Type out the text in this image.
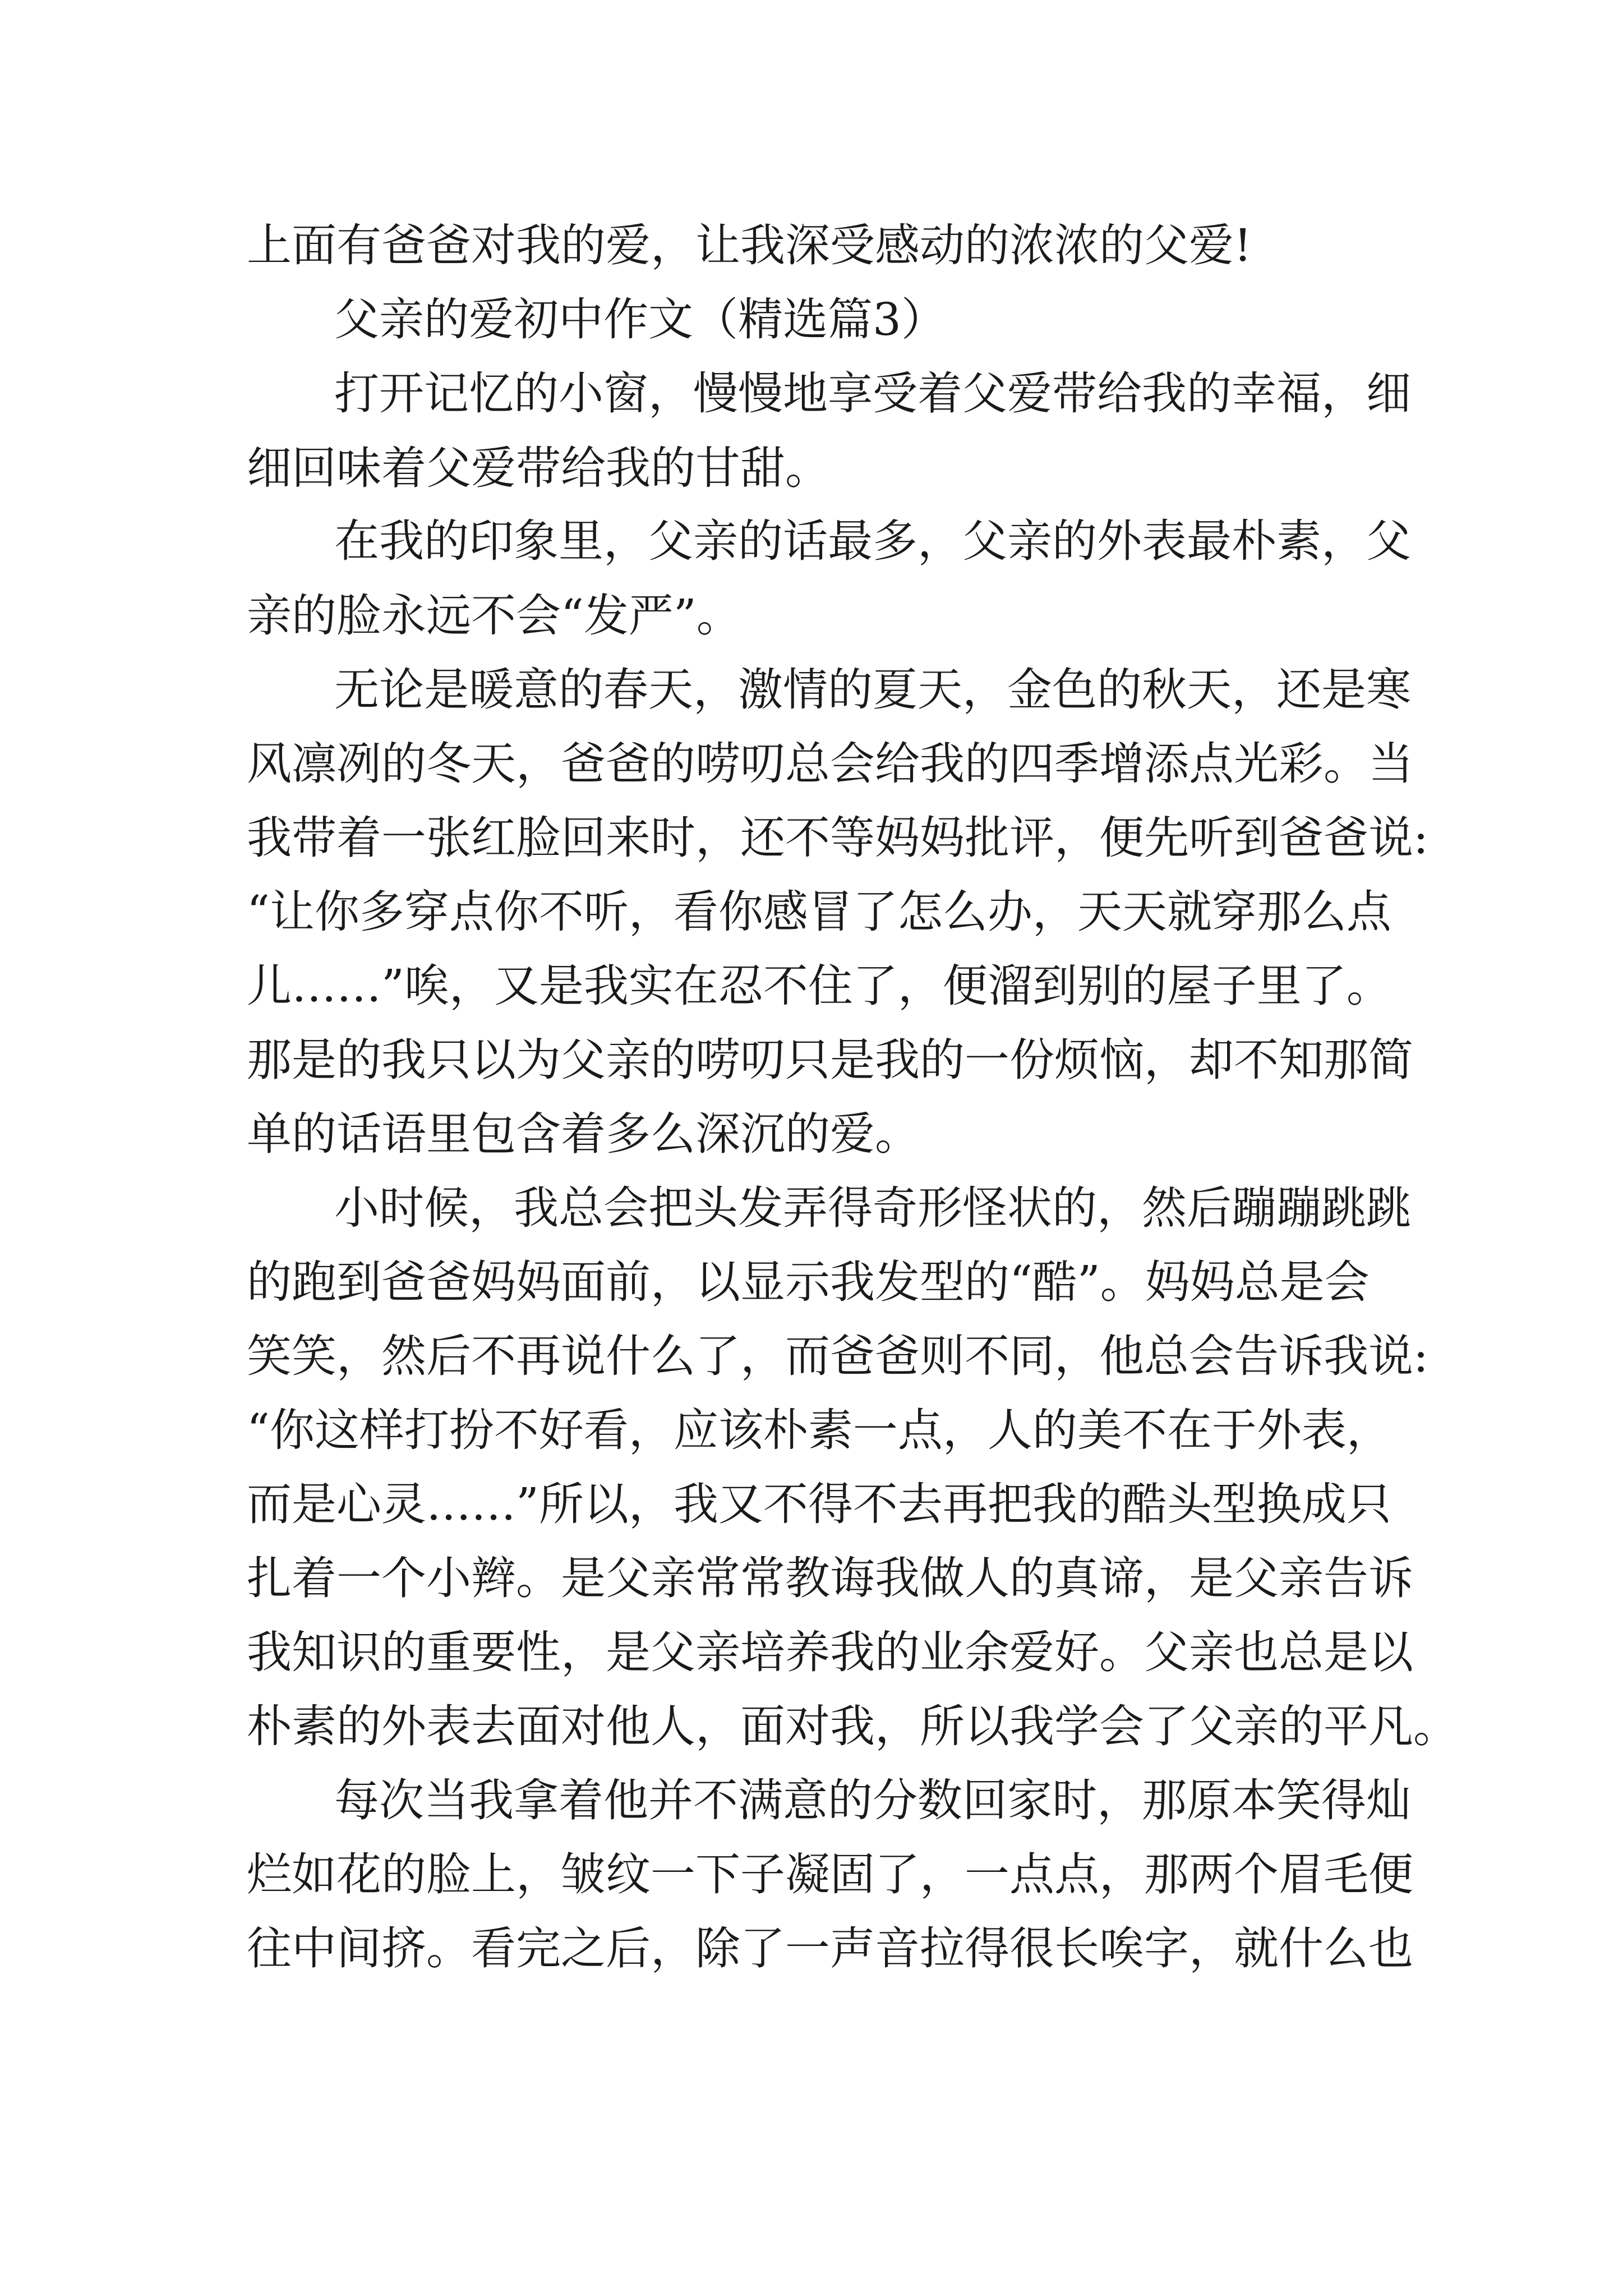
上面有爸爸对我的爱，让我深受感动的浓浓的父爱!

父亲的爱初中作文（精选篇3）

打开记忆的小窗，慢慢地享受着父爱带给我的幸福，细

细回味着父爱带给我的甘甜。

在我的印象里，父亲的话最多，父亲的外表最朴素，父

亲的脸永远不会“发严”。

无论是暖意的春天，激情的夏天，金色的秋天，还是寒

风凛冽的冬天，爸爸的唠叨总会给我的四季增添点光彩。当

我带着一张红脸回来时，还不等妈妈批评，便先听到爸爸说:

“让你多穿点你不听，看你感冒了怎么办，天天就穿那么点

儿……”唉，又是我实在忍不住了，便溜到别的屋子里了。

那是的我只以为父亲的唠叨只是我的一份烦恼，却不知那简

单的话语里包含着多么深沉的爱。

小时候，我总会把头发弄得奇形怪状的，然后蹦蹦跳跳

的跑到爸爸妈妈面前，以显示我发型的“酷”。妈妈总是会

笑笑，然后不再说什么了，而爸爸则不同，他总会告诉我说:

“你这样打扮不好看，应该朴素一点，人的美不在于外表，

而是心灵……”所以，我又不得不去再把我的酷头型换成只

扎着一个小辫。是父亲常常教诲我做人的真谛，是父亲告诉

我知识的重要性，是父亲培养我的业余爱好。父亲也总是以

朴素的外表去面对他人，面对我，所以我学会了父亲的平凡。

每次当我拿着他并不满意的分数回家时，那原本笑得灿

烂如花的脸上，皱纹一下子凝固了，一点点，那两个眉毛便

往中间挤。看完之后，除了一声音拉得很长唉字，就什么也
